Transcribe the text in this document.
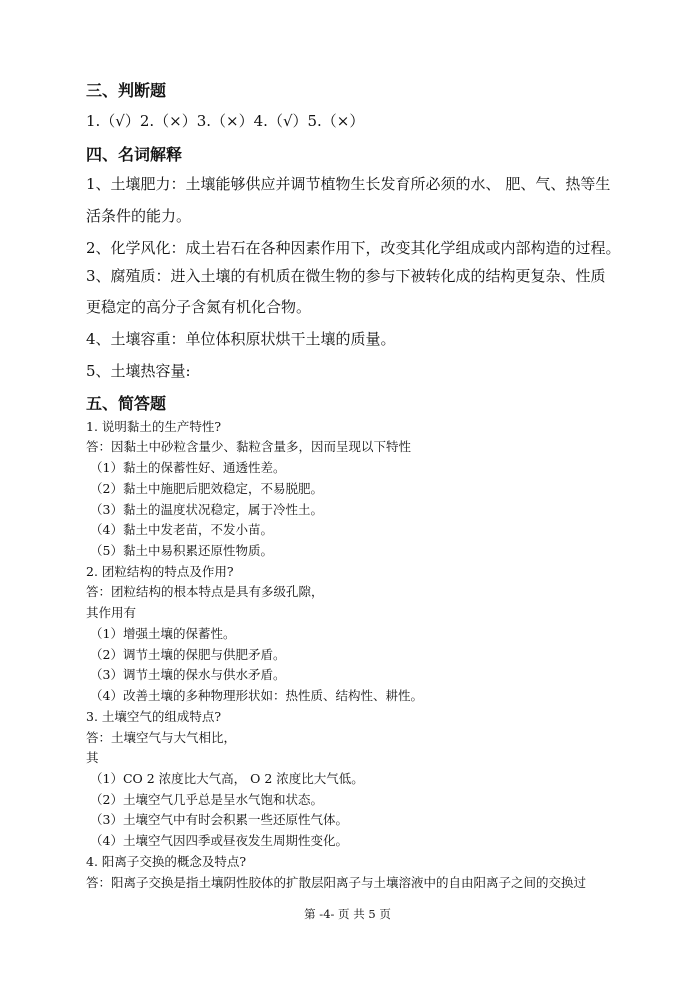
三、判断题
1.（√）2.（×）3.（×）4.（√）5.（×）
四、名词解释
1、土壤肥力：土壤能够供应并调节植物生长发育所必须的水、 肥、气、热等生
活条件的能力。
2、化学风化：成土岩石在各种因素作用下，改变其化学组成或内部构造的过程。
3、腐殖质：进入土壤的有机质在微生物的参与下被转化成的结构更复杂、性质
更稳定的高分子含氮有机化合物。
4、土壤容重：单位体积原状烘干土壤的质量。
5、土壤热容量:
五、简答题
1. 说明黏土的生产特性?
答：因黏土中砂粒含量少、黏粒含量多，因而呈现以下特性
（1）黏土的保蓄性好、通透性差。
（2）黏土中施肥后肥效稳定，不易脱肥。
（3）黏土的温度状况稳定，属于冷性土。
（4）黏土中发老苗，不发小苗。
（5）黏土中易积累还原性物质。
2. 团粒结构的特点及作用?
答：团粒结构的根本特点是具有多级孔隙，
其作用有
（1）增强土壤的保蓄性。
（2）调节土壤的保肥与供肥矛盾。
（3）调节土壤的保水与供水矛盾。
（4）改善土壤的多种物理形状如：热性质、结构性、耕性。
3. 土壤空气的组成特点?
答：土壤空气与大气相比，
其
（1）CO 2 浓度比大气高， O 2 浓度比大气低。
（2）土壤空气几乎总是呈水气饱和状态。
（3）土壤空气中有时会积累一些还原性气体。
（4）土壤空气因四季或昼夜发生周期性变化。
4. 阳离子交换的概念及特点?
答：阳离子交换是指土壤阴性胶体的扩散层阳离子与土壤溶液中的自由阳离子之间的交换过
第 -4- 页 共 5 页
